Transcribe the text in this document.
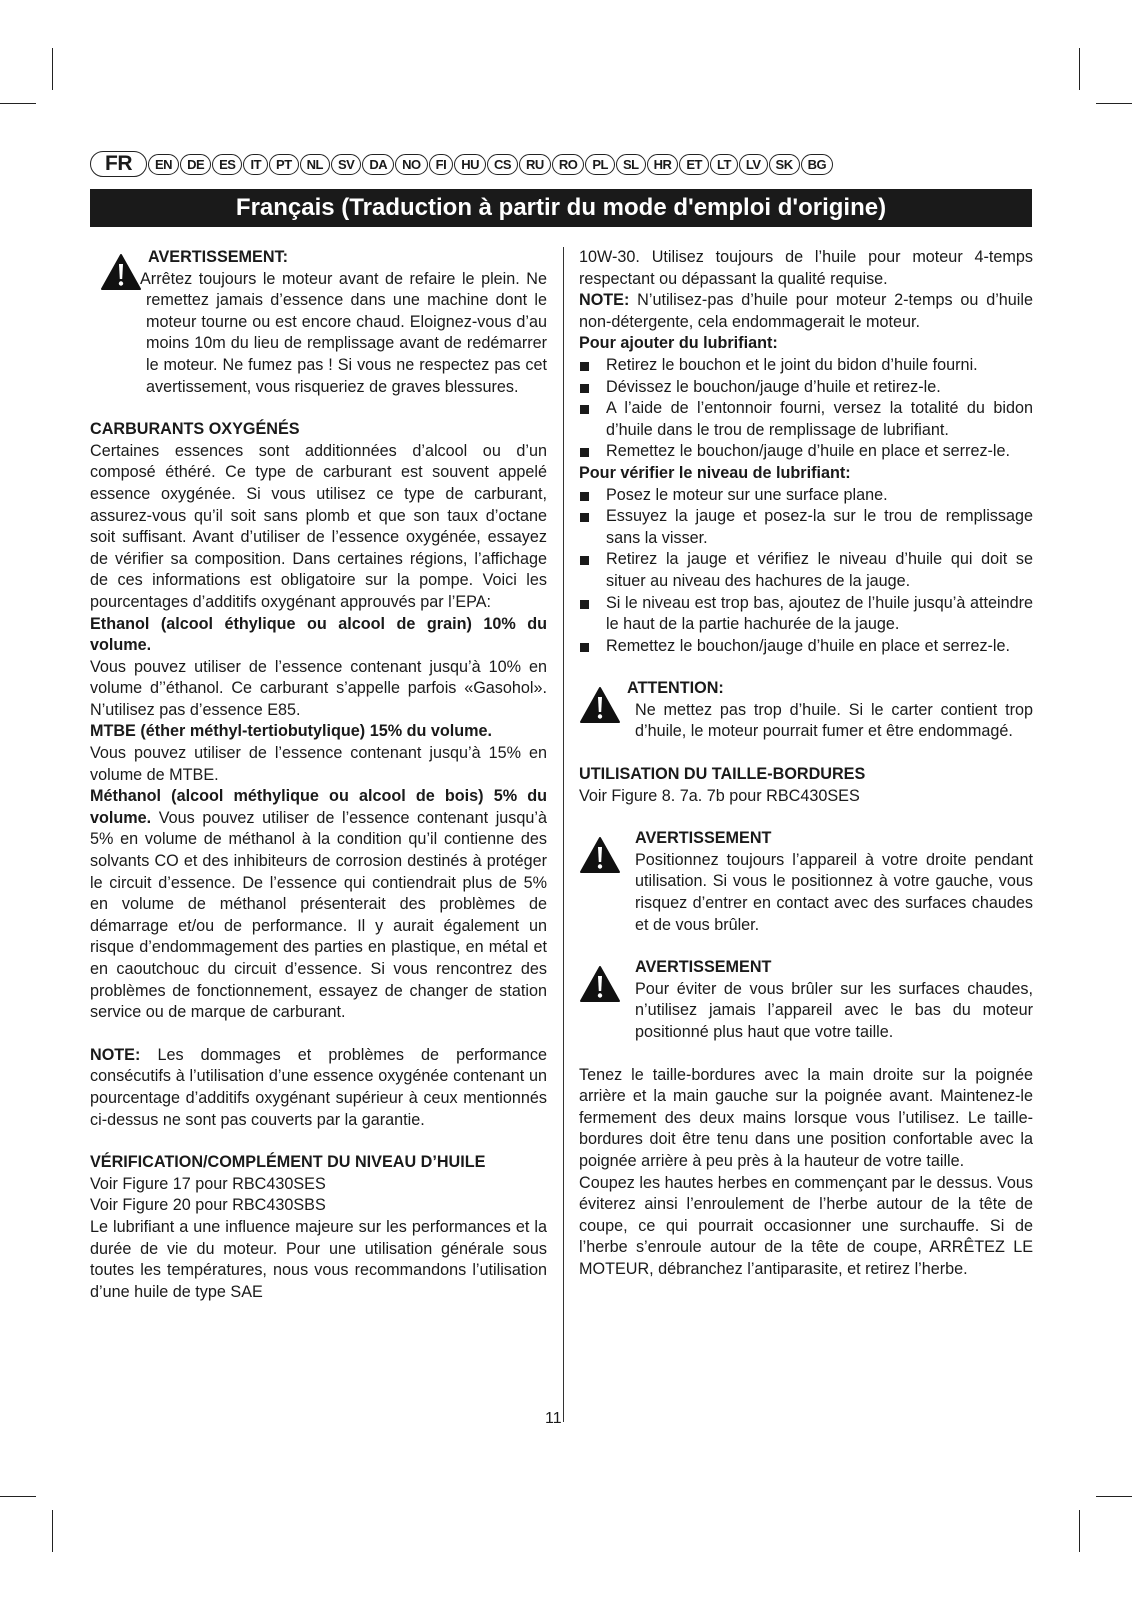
FR	EN	DE	ES	IT	PT	NL	SV	DA	NO	FI	HU	CS	RU	RO	PL	SL	HR	ET	LT	LV	SK	BG
Français (Traduction à partir du mode d'emploi d'origine)

AVERTISSEMENT:

Arrêtez toujours le moteur avant de refaire le plein. Ne remettez jamais d’essence dans une machine dont le moteur tourne ou est encore chaud. Eloignez-vous d’au moins 10m du lieu de remplissage avant de redémarrer le moteur. Ne fumez pas ! Si vous ne respectez pas cet avertissement, vous risqueriez de graves blessures.

CARBURANTS OXYGÉNÉS

Certaines essences sont additionnées d’alcool ou d’un composé éthéré. Ce type de carburant est souvent appelé essence oxygénée. Si vous utilisez ce type de carburant, assurez-vous qu’il soit sans plomb et que son taux d’octane soit suffisant. Avant d’utiliser de l’essence oxygénée, essayez de vérifier sa composition. Dans certaines régions, l’affichage de ces informations est obligatoire sur la pompe. Voici les pourcentages d’additifs oxygénant approuvés par l’EPA:

Ethanol (alcool éthylique ou alcool de grain) 10% du volume.

Vous pouvez utiliser de l’essence contenant jusqu’à 10% en volume d’’éthanol. Ce carburant s’appelle parfois «Gasohol». N’utilisez pas d’essence E85.

MTBE (éther méthyl-tertiobutylique) 15% du volume.

Vous pouvez utiliser de l’essence contenant jusqu’à 15% en volume de MTBE.

Méthanol (alcool méthylique ou alcool de bois) 5% du volume. Vous pouvez utiliser de l’essence contenant jusqu’à 5% en volume de méthanol à la condition qu’il contienne des solvants CO et des inhibiteurs de corrosion destinés à protéger le circuit d’essence. De l’essence qui contiendrait plus de 5% en volume de méthanol présenterait des problèmes de démarrage et/ou de performance. Il y aurait également un risque d’endommagement des parties en plastique, en métal et en caoutchouc du circuit d’essence. Si vous rencontrez des problèmes de fonctionnement, essayez de changer de station service ou de marque de carburant.

NOTE: Les dommages et problèmes de performance consécutifs à l’utilisation d’une essence oxygénée contenant un pourcentage d’additifs oxygénant supérieur à ceux mentionnés ci-dessus ne sont pas couverts par la garantie.

VÉRIFICATION/COMPLÉMENT DU NIVEAU D’HUILE

Voir Figure 17 pour RBC430SES

Voir Figure 20 pour RBC430SBS

Le lubrifiant a une influence majeure sur les performances et la durée de vie du moteur. Pour une utilisation générale sous toutes les températures, nous vous recommandons l’utilisation d’une huile de type SAE

10W-30. Utilisez toujours de l’huile pour moteur 4-temps respectant ou dépassant la qualité requise.

NOTE: N’utilisez-pas d’huile pour moteur 2-temps ou d’huile non-détergente, cela endommagerait le moteur.

Pour ajouter du lubrifiant:

Retirez le bouchon et le joint du bidon d’huile fourni.
Dévissez le bouchon/jauge d’huile et retirez-le.
A l’aide de l’entonnoir fourni, versez la totalité du bidon d’huile dans le trou de remplissage de lubrifiant.
Remettez le bouchon/jauge d’huile en place et serrez-le.

Pour vérifier le niveau de lubrifiant:

Posez le moteur sur une surface plane.
Essuyez la jauge et posez-la sur le trou de remplissage sans la visser.
Retirez la jauge et vérifiez le niveau d’huile qui doit se situer au niveau des hachures de la jauge.
Si le niveau est trop bas, ajoutez de l’huile jusqu’à atteindre le haut de la partie hachurée de la jauge.
Remettez le bouchon/jauge d’huile en place et serrez-le.

ATTENTION:

Ne mettez pas trop d’huile. Si le carter contient trop d’huile, le moteur pourrait fumer et être endommagé.

UTILISATION DU TAILLE-BORDURES

Voir Figure 8. 7a. 7b pour RBC430SES

AVERTISSEMENT

Positionnez toujours l’appareil à votre droite pendant utilisation. Si vous le positionnez à votre gauche, vous risquez d’entrer en contact avec des surfaces chaudes et de vous brûler.

AVERTISSEMENT

Pour éviter de vous brûler sur les surfaces chaudes, n’utilisez jamais l’appareil avec le bas du moteur positionné plus haut que votre taille.

Tenez le taille-bordures avec la main droite sur la poignée arrière et la main gauche sur la poignée avant. Maintenez-le fermement des deux mains lorsque vous l’utilisez. Le taille-bordures doit être tenu dans une position confortable avec la poignée arrière à peu près à la hauteur de votre taille.

Coupez les hautes herbes en commençant par le dessus. Vous éviterez ainsi l’enroulement de l’herbe autour de la tête de coupe, ce qui pourrait occasionner une surchauffe. Si de l’herbe s’enroule autour de la tête de coupe, ARRÊTEZ LE MOTEUR, débranchez l’antiparasite, et retirez l’herbe.

11
